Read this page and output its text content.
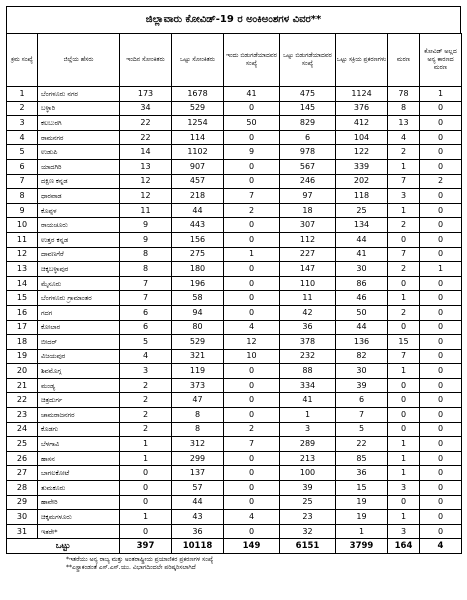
ಜಿಲ್ಲಾವಾರು ಕೋವಿಡ್-19 ರ ಅಂಕಿಅಂಶಗಳ ವಿವರ**
ಕ್ರಮ ಸಂಖ್ಯೆ	ಜಿಲ್ಲೆಯ ಹೆಸರು	ಇಂದಿನ ಸೋಂಕಿತರು	ಒಟ್ಟು ಸೋಂಕಿತರು	ಇಂದು ಬಿಡುಗಡೆಯಾದವರ ಸಂಖ್ಯೆ	ಒಟ್ಟು ಬಿಡುಗಡೆಯಾದವರ ಸಂಖ್ಯೆ	ಒಟ್ಟು ಸಕ್ರಿಯ ಪ್ರಕರಣಗಳು	ಮರಣ	ಕೋವಿಡ್ ಅಲ್ಲದ ಅನ್ಯ ಕಾರಣದ ಮರಣ
1	ಬೆಂಗಳೂರು ನಗರ	173	1678	41	475	1124	78	1
2	ಬಳ್ಳಾರಿ	34	529	0	145	376	8	0
3	ಕಲಬುರಗಿ	22	1254	50	829	412	13	0
4	ರಾಮನಗರ	22	114	0	6	104	4	0
5	ಉಡುಪಿ	14	1102	9	978	122	2	0
6	ಯಾದಗಿರಿ	13	907	0	567	339	1	0
7	ದಕ್ಷಿಣ ಕನ್ನಡ	12	457	0	246	202	7	2
8	ಧಾರವಾಡ	12	218	7	97	118	3	0
9	ಕೊಪ್ಪಳ	11	44	2	18	25	1	0
10	ರಾಯಚೂರು	9	443	0	307	134	2	0
11	ಉತ್ತರ ಕನ್ನಡ	9	156	0	112	44	0	0
12	ದಾವಣಗೆರೆ	8	275	1	227	41	7	0
13	ಚಿಕ್ಕಬಳ್ಳಾಪುರ	8	180	0	147	30	2	1
14	ಮೈಸೂರು	7	196	0	110	86	0	0
15	ಬೆಂಗಳೂರು ಗ್ರಾಮಾಂತರ	7	58	0	11	46	1	0
16	ಗದಗ	6	94	0	42	50	2	0
17	ಕೋಲಾರ	6	80	4	36	44	0	0
18	ಬೀದರ್	5	529	12	378	136	15	0
19	ವಿಜಯಪುರ	4	321	10	232	82	7	0
20	ಶಿವಮೊಗ್ಗ	3	119	0	88	30	1	0
21	ಮಂಡ್ಯ	2	373	0	334	39	0	0
22	ಚಿತ್ರದುರ್ಗ	2	47	0	41	6	0	0
23	ಚಾಮರಾಜನಗರ	2	8	0	1	7	0	0
24	ಕೊಡಗು	2	8	2	3	5	0	0
25	ಬೆಳಗಾವಿ	1	312	7	289	22	1	0
26	ಹಾಸನ	1	299	0	213	85	1	0
27	ಬಾಗಲಕೋಟೆ	0	137	0	100	36	1	0
28	ತುಮಕೂರು	0	57	0	39	15	3	0
29	ಹಾವೇರಿ	0	44	0	25	19	0	0
30	ಚಿಕ್ಕಮಗಳೂರು	1	43	4	23	19	1	0
31	ಇತರೇ*	0	36	0	32	1	3	0
ಒಟ್ಟು		397	10118	149	6151	3799	164	4
*ಇತರೆಯು ಅನ್ಯ ರಾಜ್ಯ ಮತ್ತು ಅಂತರಾಷ್ಟ್ರೀಯ ಪ್ರಯಾಣಿಕರ ಪ್ರಕರಣಗಳ ಸಂಖ್ಯೆ
**ಎಸ್ಟ್ರಾಕಂಡಂತೆ ಎಸ್.ಎಸ್.ಯು. ವಿಭಾಗದಿಂದಲೇ ಪರಿಷ್ಕರಿಸಲಾಗಿದೆ
